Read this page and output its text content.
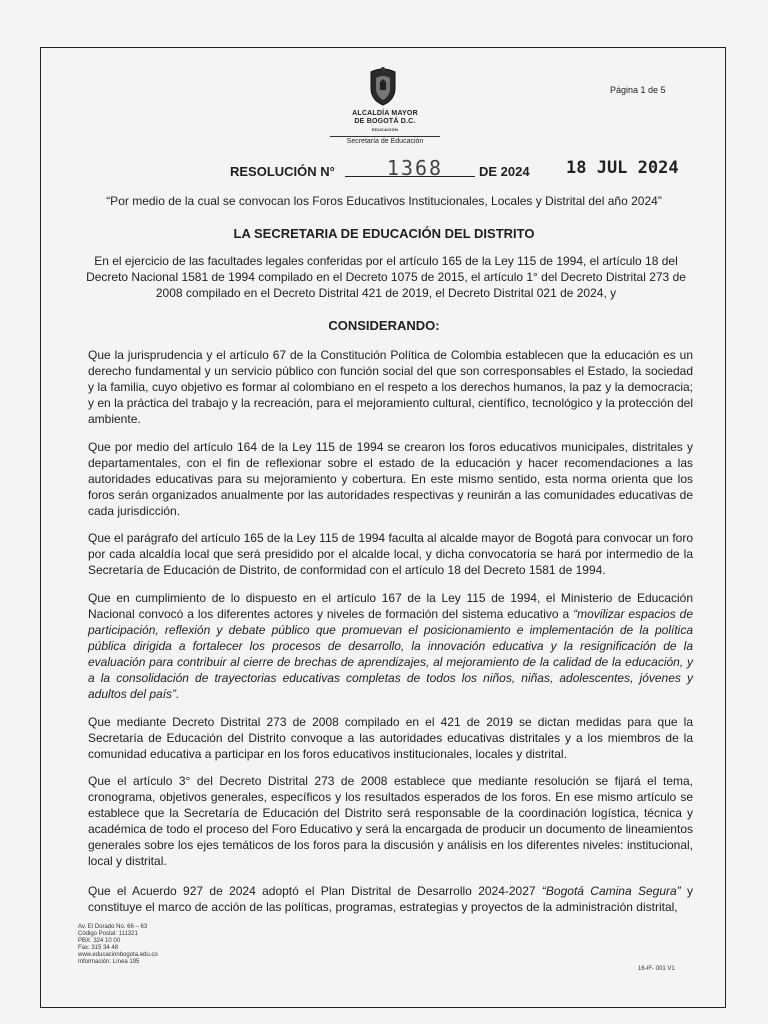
ALCALDÍA MAYOR
DE BOGOTÁ D.C.

EDUCACIÓN
Secretaría de Educación
Página 1 de 5
RESOLUCIÓN N°	1368	DE 2024 18 JUL 2024
“Por medio de la cual se convocan los Foros Educativos Institucionales, Locales y Distrital del año 2024”
LA SECRETARIA DE EDUCACIÓN DEL DISTRITO
En el ejercicio de las facultades legales conferidas por el artículo 165 de la Ley 115 de 1994, el artículo 18 del Decreto Nacional 1581 de 1994 compilado en el Decreto 1075 de 2015, el artículo 1° del Decreto Distrital 273 de 2008 compilado en el Decreto Distrital 421 de 2019, el Decreto Distrital 021 de 2024, y
CONSIDERANDO:
Que la jurisprudencia y el artículo 67 de la Constitución Política de Colombia establecen que la educación es un derecho fundamental y un servicio público con función social del que son corresponsables el Estado, la sociedad y la familia, cuyo objetivo es formar al colombiano en el respeto a los derechos humanos, la paz y la democracia; y en la práctica del trabajo y la recreación, para el mejoramiento cultural, científico, tecnológico y la protección del ambiente.
Que por medio del artículo 164 de la Ley 115 de 1994 se crearon los foros educativos municipales, distritales y departamentales, con el fin de reflexionar sobre el estado de la educación y hacer recomendaciones a las autoridades educativas para su mejoramiento y cobertura. En este mismo sentido, esta norma orienta que los foros serán organizados anualmente por las autoridades respectivas y reunirán a las comunidades educativas de cada jurisdicción.
Que el parágrafo del artículo 165 de la Ley 115 de 1994 faculta al alcalde mayor de Bogotá para convocar un foro por cada alcaldía local que será presidido por el alcalde local, y dicha convocatoria se hará por intermedio de la Secretaría de Educación de Distrito, de conformidad con el artículo 18 del Decreto 1581 de 1994.
Que en cumplimiento de lo dispuesto en el artículo 167 de la Ley 115 de 1994, el Ministerio de Educación Nacional convocó a los diferentes actores y niveles de formación del sistema educativo a “movilizar espacios de participación, reflexión y debate público que promuevan el posicionamiento e implementación de la política pública dirigida a fortalecer los procesos de desarrollo, la innovación educativa y la resignificación de la evaluación para contribuir al cierre de brechas de aprendizajes, al mejoramiento de la calidad de la educación, y a la consolidación de trayectorias educativas completas de todos los niños, niñas, adolescentes, jóvenes y adultos del país”.
Que mediante Decreto Distrital 273 de 2008 compilado en el 421 de 2019 se dictan medidas para que la Secretaría de Educación del Distrito convoque a las autoridades educativas distritales y a los miembros de la comunidad educativa a participar en los foros educativos institucionales, locales y distrital.
Que el artículo 3° del Decreto Distrital 273 de 2008 establece que mediante resolución se fijará el tema, cronograma, objetivos generales, específicos y los resultados esperados de los foros. En ese mismo artículo se establece que la Secretaría de Educación del Distrito será responsable de la coordinación logística, técnica y académica de todo el proceso del Foro Educativo y será la encargada de producir un documento de lineamientos generales sobre los ejes temáticos de los foros para la discusión y análisis en los diferentes niveles: institucional, local y distrital.
Que el Acuerdo 927 de 2024 adoptó el Plan Distrital de Desarrollo 2024-2027 “Bogotá Camina Segura” y constituye el marco de acción de las políticas, programas, estrategias y proyectos de la administración distrital,
Av. El Dorado No. 66 – 63
Código Postal: 111321
PBX: 324 10 00
Fax: 315 34 48
www.educacionbogota.edu.co
Información: Línea 195
16-IF- 001 V1
